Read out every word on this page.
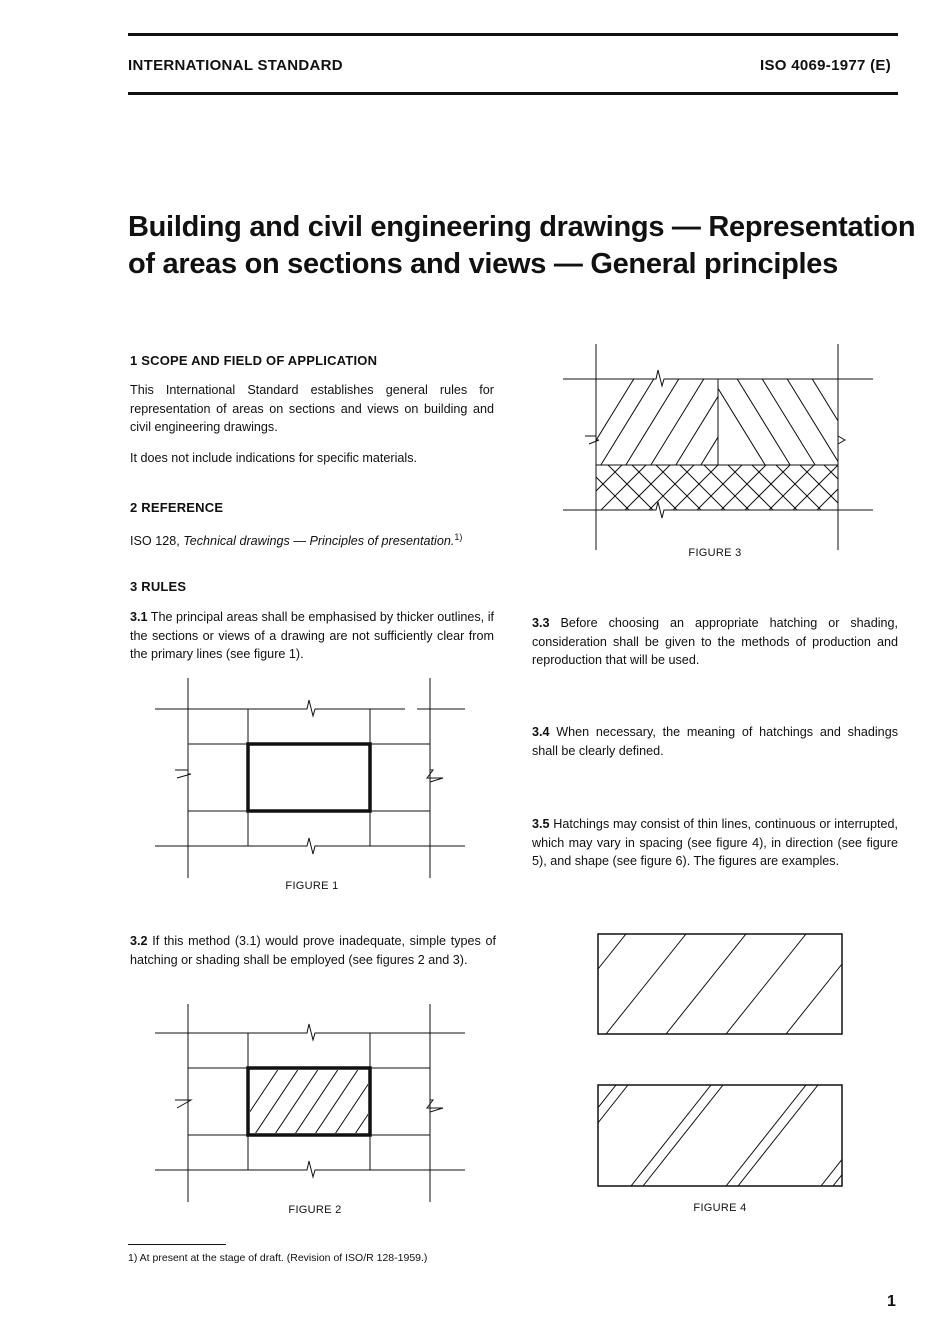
INTERNATIONAL STANDARD	ISO 4069-1977 (E)
Building and civil engineering drawings — Representation of areas on sections and views — General principles
1 SCOPE AND FIELD OF APPLICATION
This International Standard establishes general rules for representation of areas on sections and views on building and civil engineering drawings.
It does not include indications for specific materials.
2 REFERENCE
ISO 128, Technical drawings — Principles of presentation.$^{1)}$
3 RULES
3.1 The principal areas shall be emphasised by thicker outlines, if the sections or views of a drawing are not sufficiently clear from the primary lines (see figure 1).
FIGURE 1
3.2 If this method (3.1) would prove inadequate, simple types of hatching or shading shall be employed (see figures 2 and 3).
FIGURE 2
FIGURE 3
3.3 Before choosing an appropriate hatching or shading, consideration shall be given to the methods of production and reproduction that will be used.
3.4 When necessary, the meaning of hatchings and shadings shall be clearly defined.
3.5 Hatchings may consist of thin lines, continuous or interrupted, which may vary in spacing (see figure 4), in direction (see figure 5), and shape (see figure 6). The figures are examples.
FIGURE 4
1) At present at the stage of draft. (Revision of ISO/R 128-1959.)
1
